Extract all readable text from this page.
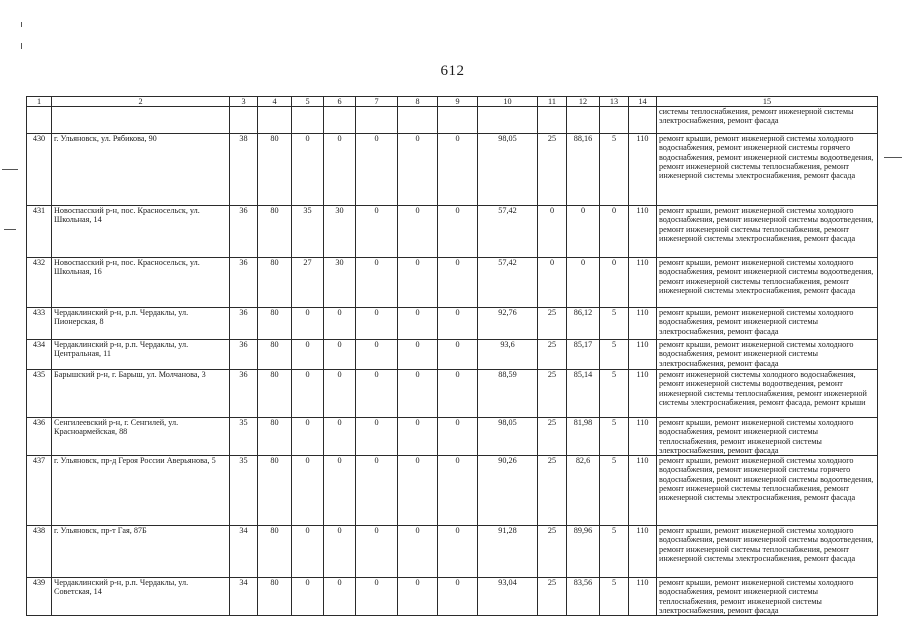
612
1	2	3	4	5	6	7	8	9	10	11	12	13	14	15
														системы теплоснабжения, ремонт инженерной системы электроснабжения, ремонт фасада
430	г. Ульяновск, ул. Рябикова, 90	38	80	0	0	0	0	0	98,05	25	88,16	5	110	ремонт крыши, ремонт инженерной системы холодного водоснабжения, ремонт инженерной системы горячего водоснабжения, ремонт инженерной системы водоотведения, ремонт инженерной системы теплоснабжения, ремонт инженерной системы электроснабжения, ремонт фасада
431	Новоспасский р-н, пос. Красносельск, ул. Школьная, 14	36	80	35	30	0	0	0	57,42	0	0	0	110	ремонт крыши, ремонт инженерной системы холодного водоснабжения, ремонт инженерной системы водоотведения, ремонт инженерной системы теплоснабжения, ремонт инженерной системы электроснабжения, ремонт фасада
432	Новоспасский р-н, пос. Красносельск, ул. Школьная, 16	36	80	27	30	0	0	0	57,42	0	0	0	110	ремонт крыши, ремонт инженерной системы холодного водоснабжения, ремонт инженерной системы водоотведения, ремонт инженерной системы теплоснабжения, ремонт инженерной системы электроснабжения, ремонт фасада
433	Чердаклинский р-н, р.п. Чердаклы, ул. Пионерская, 8	36	80	0	0	0	0	0	92,76	25	86,12	5	110	ремонт крыши, ремонт инженерной системы холодного водоснабжения, ремонт инженерной системы электроснабжения, ремонт фасада
434	Чердаклинский р-н, р.п. Чердаклы, ул. Центральная, 11	36	80	0	0	0	0	0	93,6	25	85,17	5	110	ремонт крыши, ремонт инженерной системы холодного водоснабжения, ремонт инженерной системы электроснабжения, ремонт фасада
435	Барышский р-н, г. Барыш, ул. Молчанова, 3	36	80	0	0	0	0	0	88,59	25	85,14	5	110	ремонт инженерной системы холодного водоснабжения, ремонт инженерной системы водоотведения, ремонт инженерной системы теплоснабжения, ремонт инженерной системы электроснабжения, ремонт фасада, ремонт крыши
436	Сенгилеевский р-н, г. Сенгилей, ул. Красноармейская, 88	35	80	0	0	0	0	0	98,05	25	81,98	5	110	ремонт крыши, ремонт инженерной системы холодного водоснабжения, ремонт инженерной системы теплоснабжения, ремонт инженерной системы электроснабжения, ремонт фасада
437	г. Ульяновск, пр-д Героя России Аверьянова, 5	35	80	0	0	0	0	0	90,26	25	82,6	5	110	ремонт крыши, ремонт инженерной системы холодного водоснабжения, ремонт инженерной системы горячего водоснабжения, ремонт инженерной системы водоотведения, ремонт инженерной системы теплоснабжения, ремонт инженерной системы электроснабжения, ремонт фасада
438	г. Ульяновск, пр-т Гая, 87Б	34	80	0	0	0	0	0	91,28	25	89,96	5	110	ремонт крыши, ремонт инженерной системы холодного водоснабжения, ремонт инженерной системы водоотведения, ремонт инженерной системы теплоснабжения, ремонт инженерной системы электроснабжения, ремонт фасада
439	Чердаклинский р-н, р.п. Чердаклы, ул. Советская, 14	34	80	0	0	0	0	0	93,04	25	83,56	5	110	ремонт крыши, ремонт инженерной системы холодного водоснабжения, ремонт инженерной системы теплоснабжения, ремонт инженерной системы электроснабжения, ремонт фасада
